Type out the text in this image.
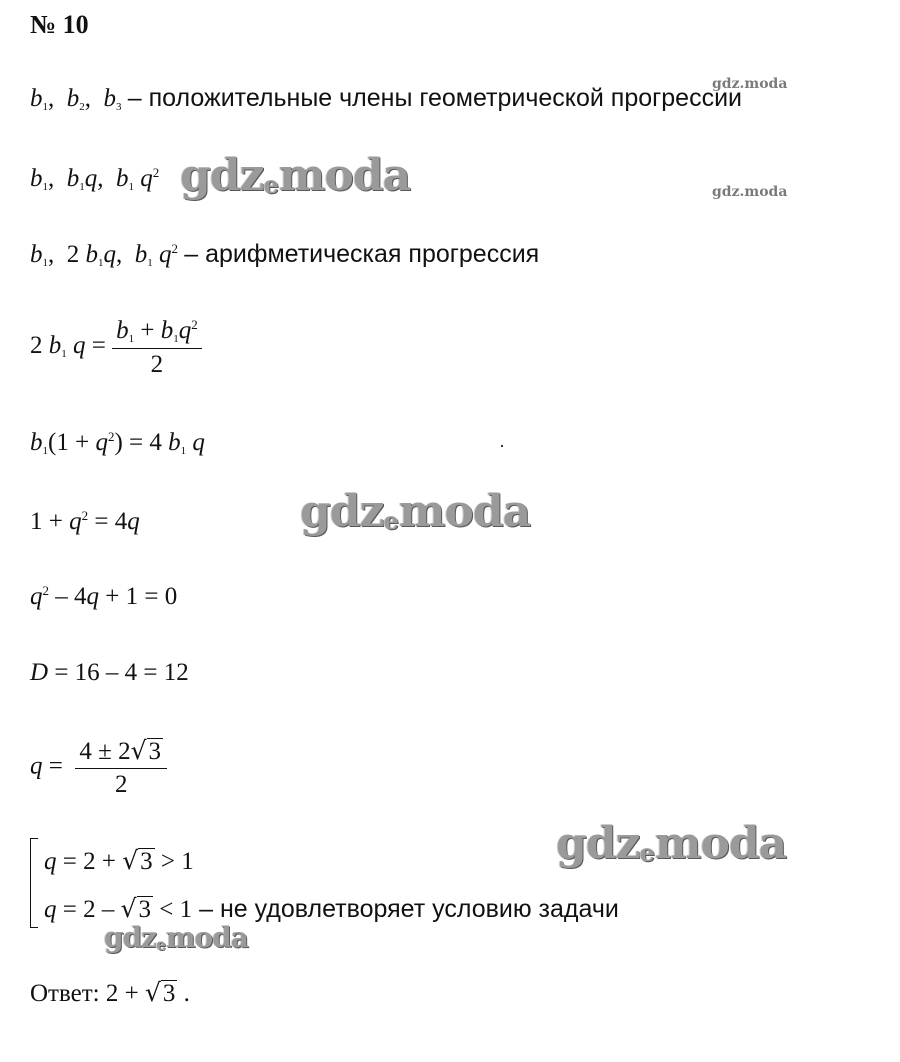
№ 10
$b_1$,  $b_2$,  $b_3$ – положительные члены геометрической прогрессии
$b_1$,  $b_1q$,  $b_1$ $q^2$
$b_1$,  2 $b_1q$,  $b_1$ $q^2$ – арифметическая прогрессия
2 $b_1$ $q = \frac{b_1 + b_1q^2}{2}$
$b_1(1 + q^2) = 4$ $b_1$ q
$1 + q^2 = 4q$
$q^2 - 4q + 1 = 0$
D = 16 – 4 = 12
$q = \frac{4 \pm 2√3}{2}$
q = 2 + √3 > 1
q = 2 – √3 < 1 – не удовлетворяет условию задачи
Ответ: 2 + √3 .
gdz.moda
gdz.moda
gdzemoda
gdzemoda
gdzemoda
gdzemoda
